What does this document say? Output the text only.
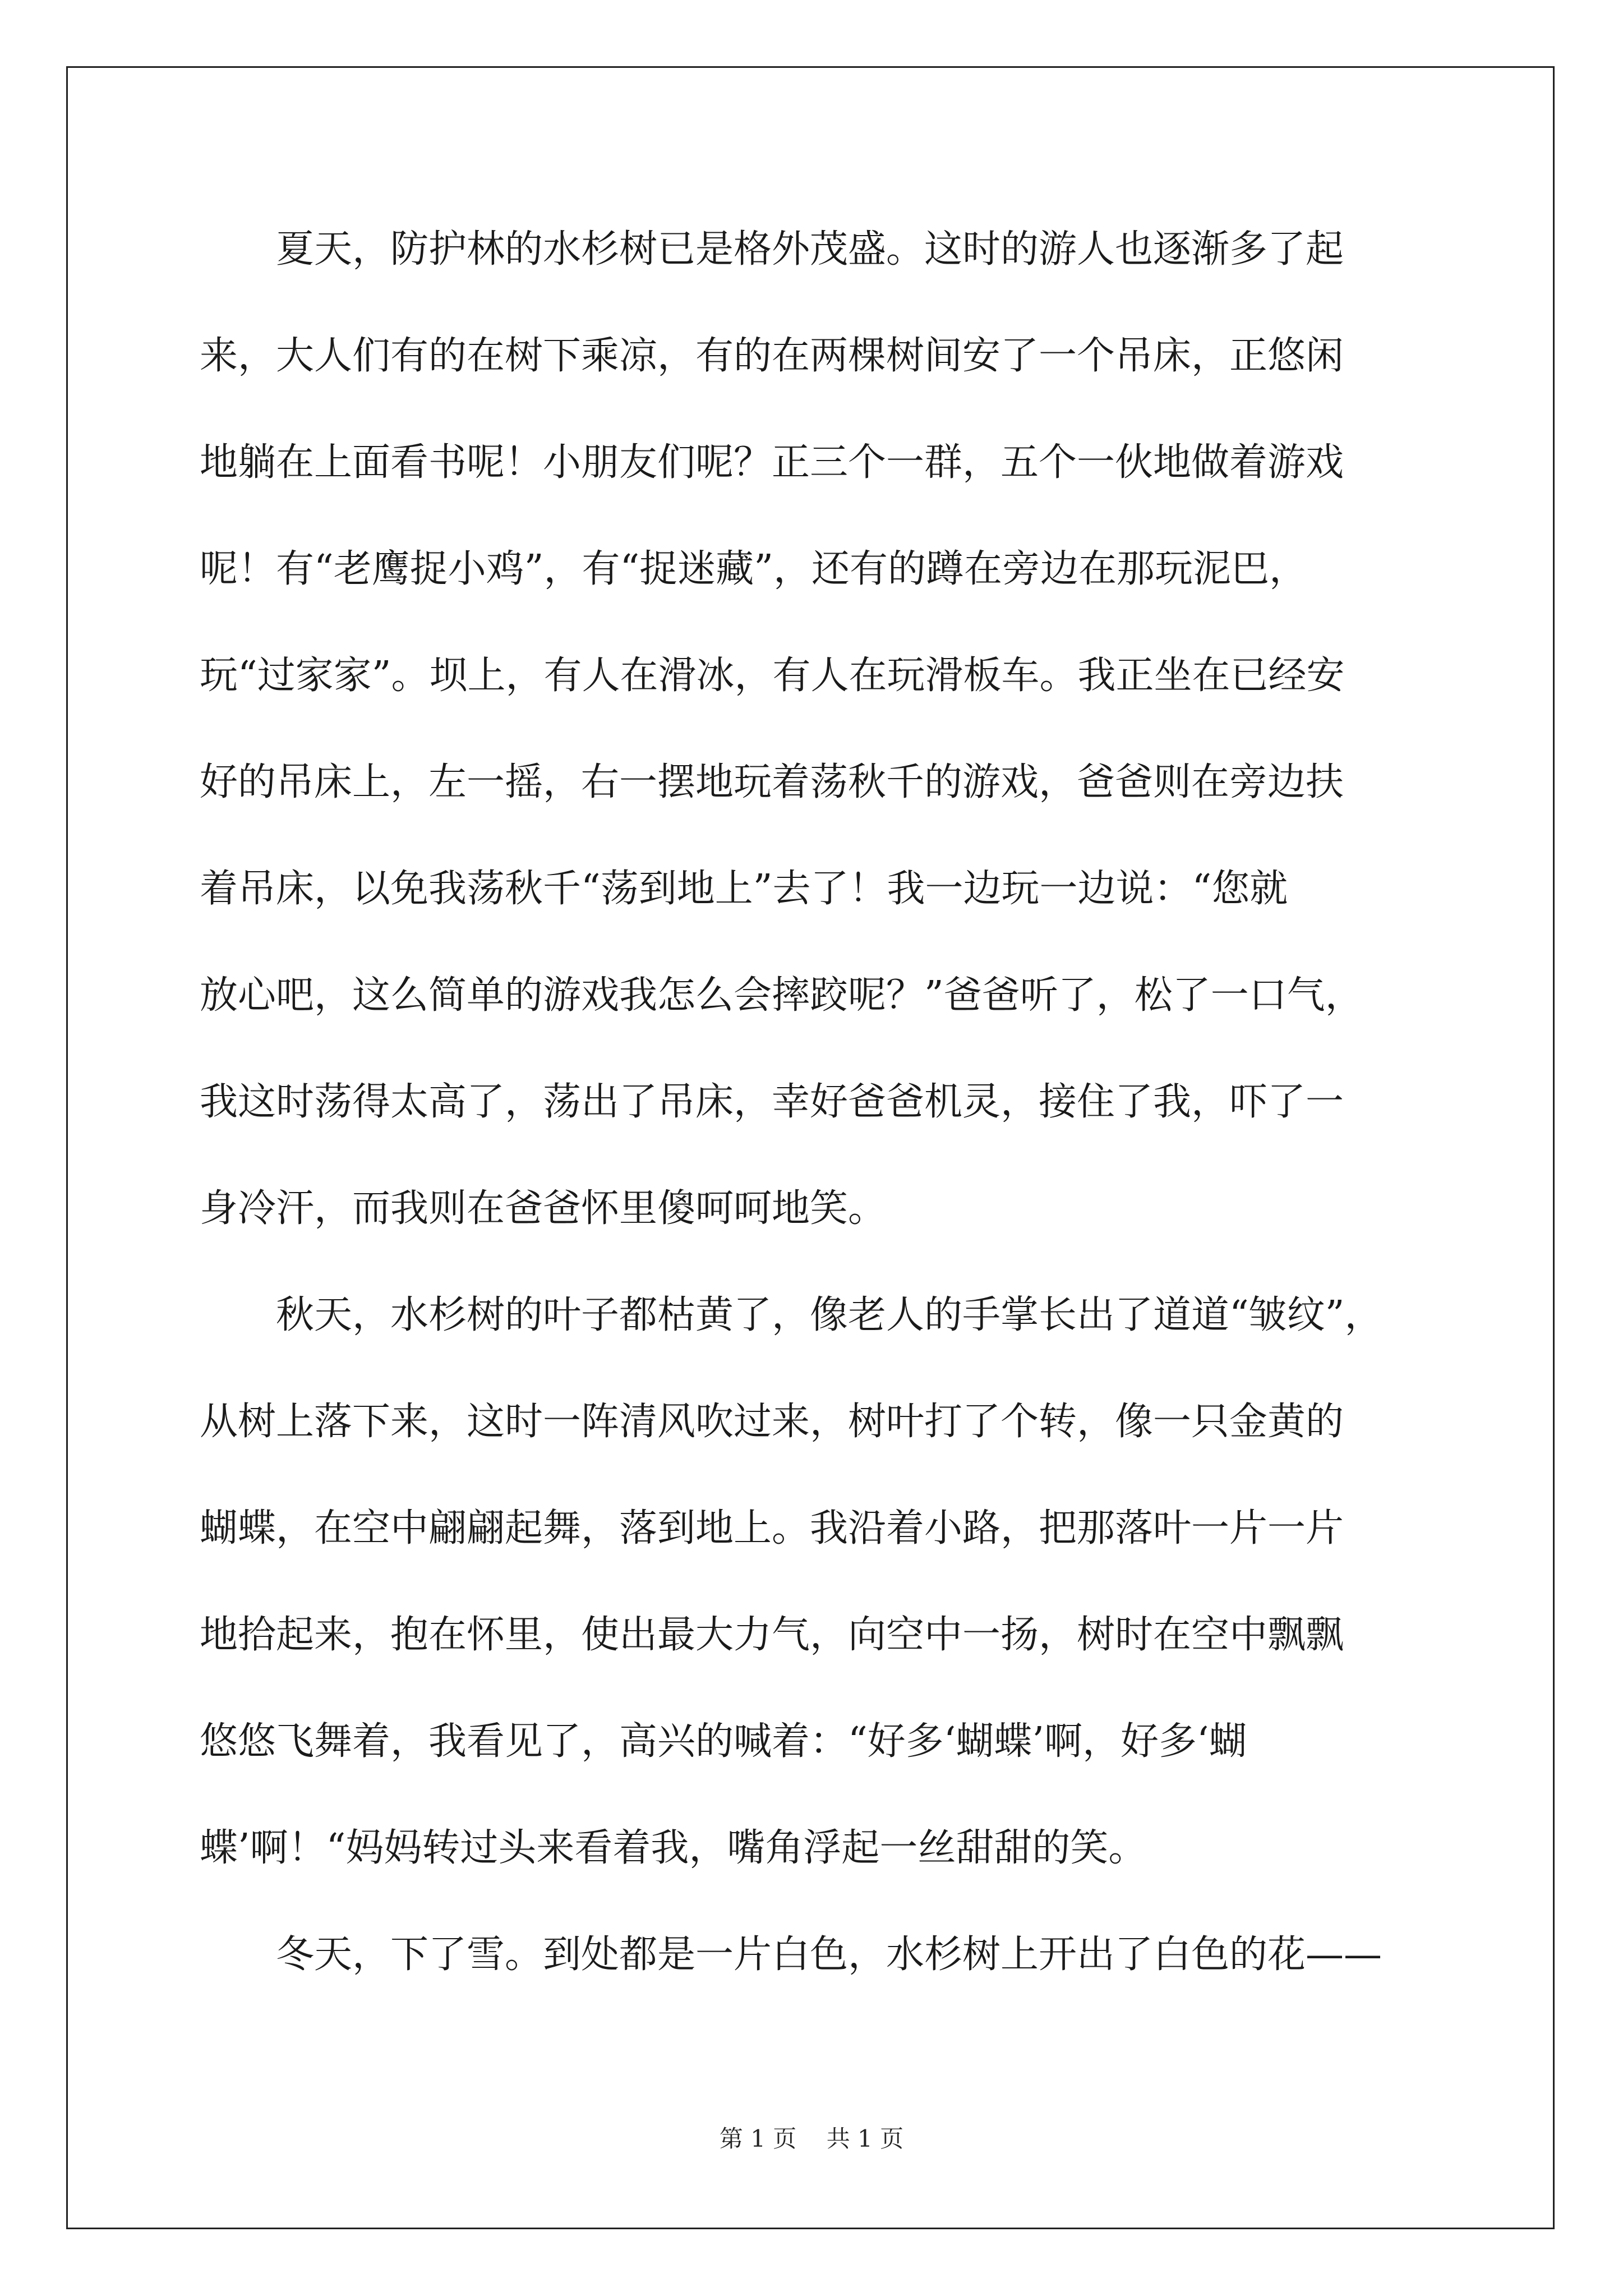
夏天，防护林的水杉树已是格外茂盛。这时的游人也逐渐多了起
来，大人们有的在树下乘凉，有的在两棵树间安了一个吊床，正悠闲
地躺在上面看书呢！小朋友们呢？正三个一群，五个一伙地做着游戏
呢！有“老鹰捉小鸡”，有“捉迷藏”，还有的蹲在旁边在那玩泥巴，
玩“过家家”。坝上，有人在滑冰，有人在玩滑板车。我正坐在已经安
好的吊床上，左一摇，右一摆地玩着荡秋千的游戏，爸爸则在旁边扶
着吊床，以免我荡秋千“荡到地上”去了！我一边玩一边说：“您就
放心吧，这么简单的游戏我怎么会摔跤呢？”爸爸听了，松了一口气，
我这时荡得太高了，荡出了吊床，幸好爸爸机灵，接住了我，吓了一
身冷汗，而我则在爸爸怀里傻呵呵地笑。
秋天，水杉树的叶子都枯黄了，像老人的手掌长出了道道“皱纹”，
从树上落下来，这时一阵清风吹过来，树叶打了个转，像一只金黄的
蝴蝶，在空中翩翩起舞，落到地上。我沿着小路，把那落叶一片一片
地拾起来，抱在怀里，使出最大力气，向空中一扬，树时在空中飘飘
悠悠飞舞着，我看见了，高兴的喊着：“好多‘蝴蝶’啊，好多‘蝴
蝶’啊！“妈妈转过头来看着我，嘴角浮起一丝甜甜的笑。
冬天，下了雪。到处都是一片白色，水杉树上开出了白色的花——
第 1 页    共 1 页
